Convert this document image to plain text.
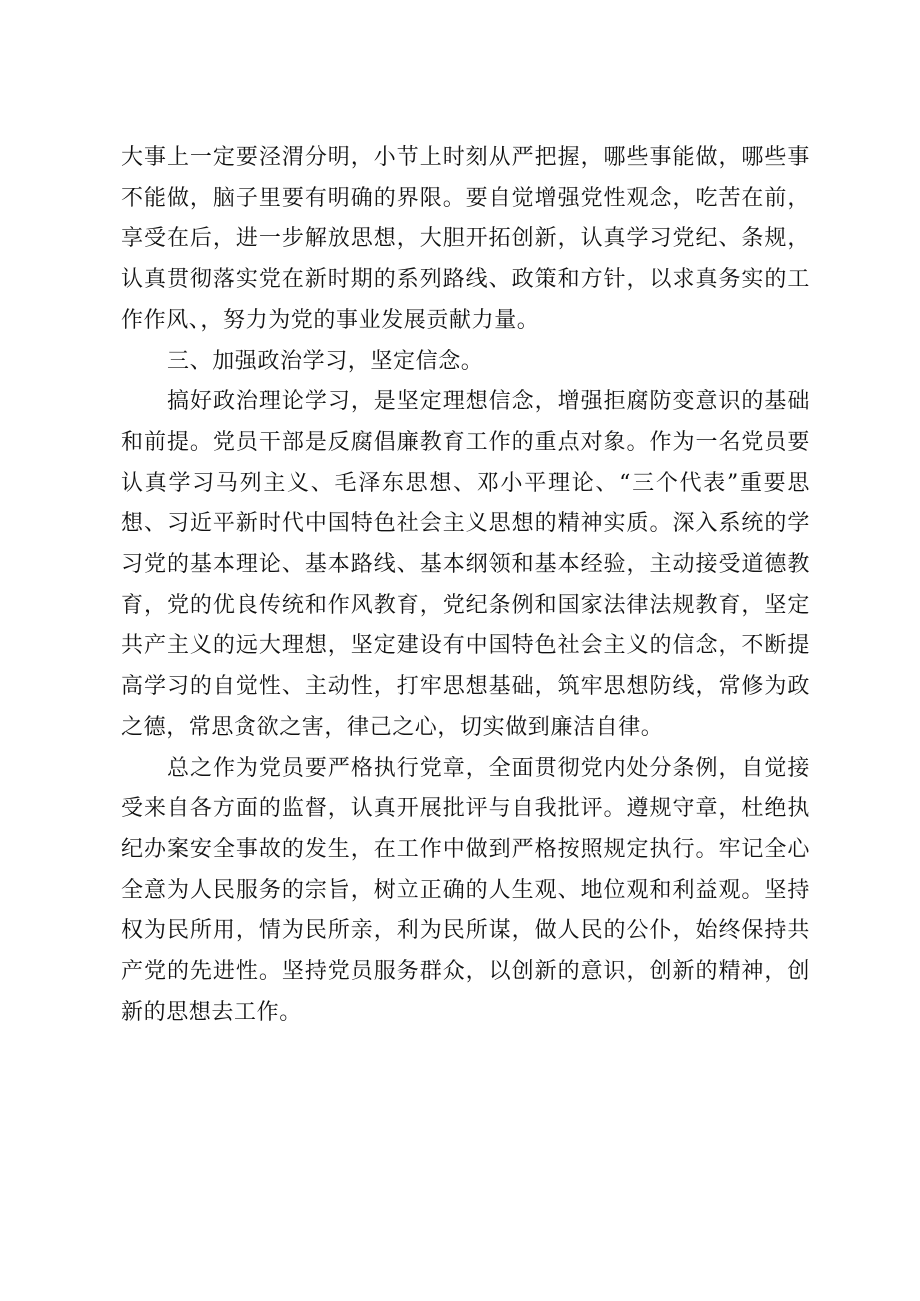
大事上一定要泾渭分明，小节上时刻从严把握，哪些事能做，哪些事不能做，脑子里要有明确的界限。要自觉增强党性观念，吃苦在前，享受在后，进一步解放思想，大胆开拓创新，认真学习党纪、条规，认真贯彻落实党在新时期的系列路线、政策和方针，以求真务实的工作作风、，努力为党的事业发展贡献力量。

三、加强政治学习，坚定信念。

搞好政治理论学习，是坚定理想信念，增强拒腐防变意识的基础和前提。党员干部是反腐倡廉教育工作的重点对象。作为一名党员要认真学习马列主义、毛泽东思想、邓小平理论、“三个代表”重要思想、习近平新时代中国特色社会主义思想的精神实质。深入系统的学习党的基本理论、基本路线、基本纲领和基本经验，主动接受道德教育，党的优良传统和作风教育，党纪条例和国家法律法规教育，坚定共产主义的远大理想，坚定建设有中国特色社会主义的信念，不断提高学习的自觉性、主动性，打牢思想基础，筑牢思想防线，常修为政之德，常思贪欲之害，律己之心，切实做到廉洁自律。

总之作为党员要严格执行党章，全面贯彻党内处分条例，自觉接受来自各方面的监督，认真开展批评与自我批评。遵规守章，杜绝执纪办案安全事故的发生，在工作中做到严格按照规定执行。牢记全心全意为人民服务的宗旨，树立正确的人生观、地位观和利益观。坚持权为民所用，情为民所亲，利为民所谋，做人民的公仆，始终保持共产党的先进性。坚持党员服务群众，以创新的意识，创新的精神，创新的思想去工作。
